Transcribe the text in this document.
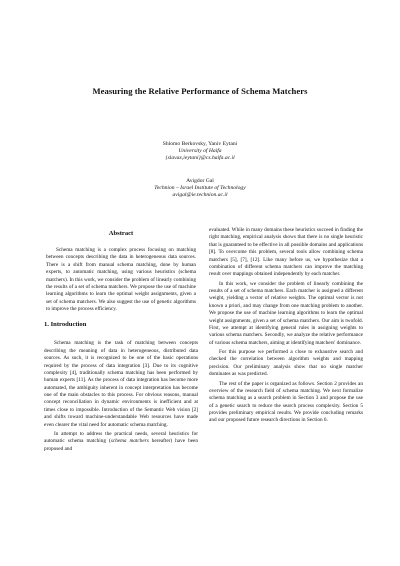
Measuring the Relative Performance of Schema Matchers
Shlomo Berkovsky, Yaniv Eytani
University of Haifa
{slavax,ieytani}@cs.haifa.ac.il
Avigdor Gal
Technion – Israel Institute of Technology
avigal@ie.technion.ac.il
Abstract

Schema matching is a complex process focusing on matching between concepts describing the data in heterogeneous data sources. There is a shift from manual schema matching, done by human experts, to automatic matching, using various heuristics (schema matchers). In this work, we consider the problem of linearly combining the results of a set of schema matchers. We propose the use of machine learning algorithms to learn the optimal weight assignments, given a set of schema matchers. We also suggest the use of genetic algorithms to improve the process efficiency.

1. Introduction

Schema matching is the task of matching between concepts describing the meaning of data in heterogeneous, distributed data sources. As such, it is recognized to be one of the basic operations required by the process of data integration [3]. Due to its cognitive complexity [4], traditionally schema matching has been performed by human experts [11]. As the process of data integration has become more automated, the ambiguity inherent in concept interpretation has become one of the main obstacles to this process. For obvious reasons, manual concept reconciliation in dynamic environments is inefficient and at times close to impossible. Introduction of the Semantic Web vision [2] and shifts toward machine-understandable Web resources have made even clearer the vital need for automatic schema matching.

In attempt to address the practical needs, several heuristics for automatic schema matching (schema matchers hereafter) have been proposed and

evaluated. While in many domains these heuristics succeed in finding the right matching, empirical analysis shows that there is no single heuristic that is guaranteed to be effective in all possible domains and applications [8]. To overcome this problem, several tools allow combining schema matchers [5], [7], [12]. Like many before us, we hypothesize that a combination of different schema matchers can improve the matching result over mappings obtained independently by each matcher.

In this work, we consider the problem of linearly combining the results of a set of schema matchers. Each matcher is assigned a different weight, yielding a vector of relative weights. The optimal vector is not known a priori, and may change from one matching problem to another. We propose the use of machine learning algorithms to learn the optimal weight assignments, given a set of schema matchers. Our aim is twofold. First, we attempt at identifying general rules in assigning weights to various schema matchers. Secondly, we analyze the relative performance of various schema matchers, aiming at identifying matchers' dominance.

For this purpose we performed a close to exhaustive search and checked the correlation between algorithm weights and mapping precision. Our preliminary analysis show that no single matcher dominates as was predicted.

The rest of the paper is organized as follows. Section 2 provides an overview of the research field of schema matching. We next formalize schema matching as a search problem in Section 3 and propose the use of a genetic search to reduce the search process complexity. Section 5 provides preliminary empirical results. We provide concluding remarks and our proposed future research directions in Section 6.
